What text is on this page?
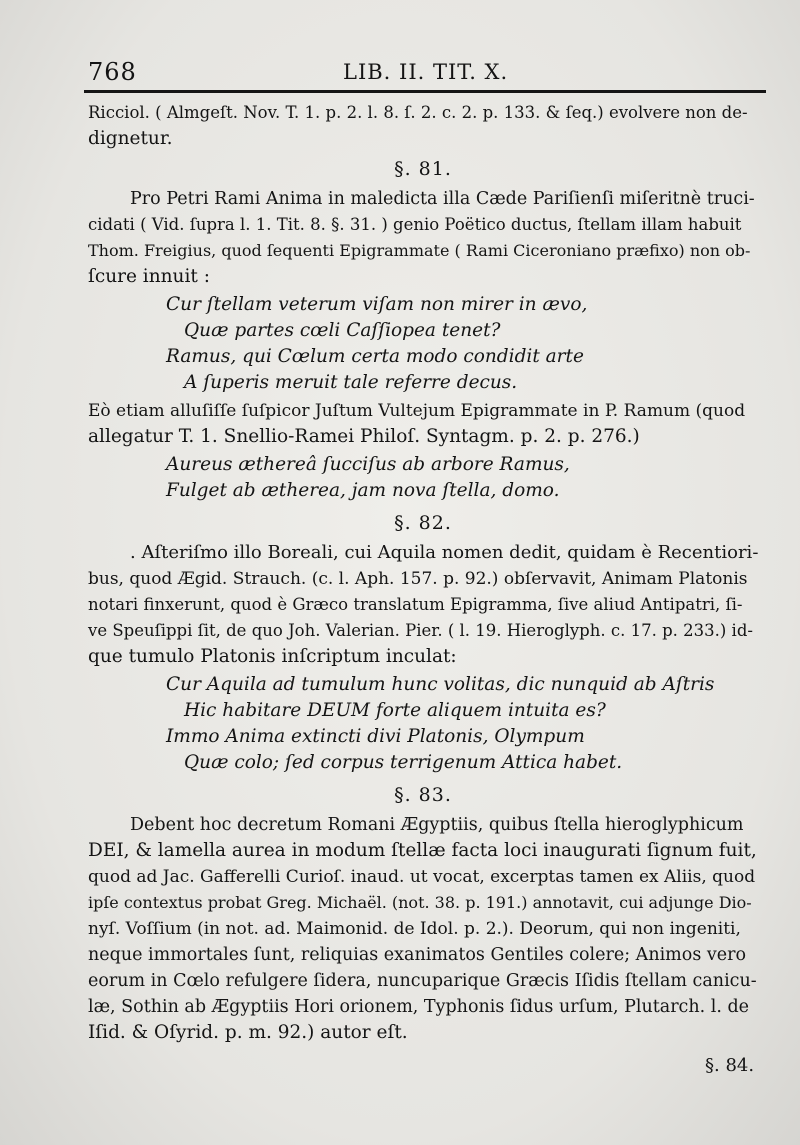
768	LIB. II. TIT. X.

Ricciol. ( Almgeſt. Nov. T. 1. p. 2. l. 8. ſ. 2. c. 2. p. 133. & ſeq.) evolvere non de-
dignetur.

§. 81.

Pro Petri Rami Anima in maledicta illa Cæde Pariſienſi miſeritnè truci-
cidati ( Vid. ſupra l. 1. Tit. 8. §. 31. ) genio Poëtico ductus, ſtellam illam habuit
Thom. Freigius, quod ſequenti Epigrammate ( Rami Ciceroniano præfixo) non ob-
ſcure innuit :

Cur ſtellam veterum viſam non mirer in ævo,
Quæ partes cœli Caſſiopea tenet?
Ramus, qui Cœlum certa modo condidit arte
A ſuperis meruit tale referre decus.

Eò etiam alluſiſſe ſuſpicor Juſtum Vultejum Epigrammate in P. Ramum (quod
allegatur T. 1. Snellio-Ramei Philoſ. Syntagm. p. 2. p. 276.)

Aureus æthereâ ſucciſus ab arbore Ramus,
Fulget ab ætherea, jam nova ſtella, domo.
§. 82.

. Aſteriſmo illo Boreali, cui Aquila nomen dedit, quidam è Recentiori-
bus, quod Ægid. Strauch. (c. l. Aph. 157. p. 92.) obſervavit, Animam Platonis
notari finxerunt, quod è Græco translatum Epigramma, ſive aliud Antipatri, ſi-
ve Speuſippi ſit, de quo Joh. Valerian. Pier. ( l. 19. Hieroglyph. c. 17. p. 233.) id-
que tumulo Platonis inſcriptum inculat:

Cur Aquila ad tumulum hunc volitas, dic nunquid ab Aſtris
Hic habitare DEUM forte aliquem intuita es?
Immo Anima extincti divi Platonis, Olympum
Quæ colo; ſed corpus terrigenum Attica habet.
§. 83.

Debent hoc decretum Romani Ægyptiis, quibus ſtella hieroglyphicum
DEI, & lamella aurea in modum ſtellæ facta loci inaugurati ſignum fuit,
quod ad Jac. Gafferelli Curioſ. inaud. ut vocat, excerptas tamen ex Aliis, quod
ipſe contextus probat Greg. Michaël. (not. 38. p. 191.) annotavit, cui adjunge Dio-
nyſ. Voſſium (in not. ad. Maimonid. de Idol. p. 2.). Deorum, qui non ingeniti,
neque immortales ſunt, reliquias exanimatos Gentiles colere; Animos vero
eorum in Cœlo refulgere ſidera, nuncuparique Græcis Iſidis ſtellam canicu-
læ, Sothin ab Ægyptiis Hori orionem, Typhonis ſidus urſum, Plutarch. l. de
Iſid. & Oſyrid. p. m. 92.) autor eſt.

§. 84.
